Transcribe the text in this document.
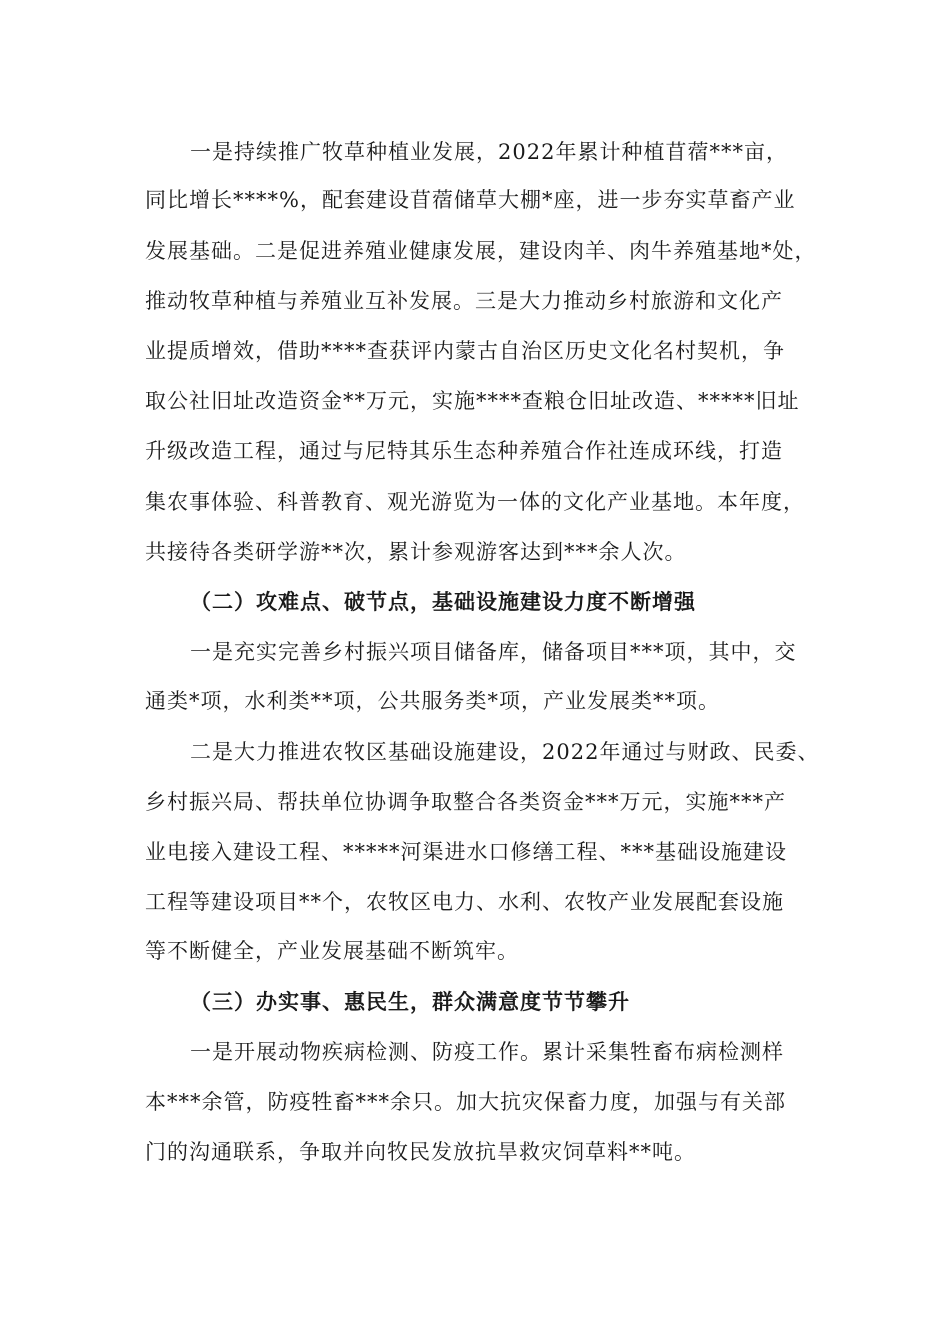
一是持续推广牧草种植业发展，2022年累计种植苜蓿***亩，
同比增长****%，配套建设苜蓿储草大棚*座，进一步夯实草畜产业
发展基础。二是促进养殖业健康发展，建设肉羊、肉牛养殖基地*处，
推动牧草种植与养殖业互补发展。三是大力推动乡村旅游和文化产
业提质增效，借助****查获评内蒙古自治区历史文化名村契机，争
取公社旧址改造资金**万元，实施****查粮仓旧址改造、*****旧址
升级改造工程，通过与尼特其乐生态种养殖合作社连成环线，打造
集农事体验、科普教育、观光游览为一体的文化产业基地。本年度，
共接待各类研学游**次，累计参观游客达到***余人次。
（二）攻难点、破节点，基础设施建设力度不断增强
一是充实完善乡村振兴项目储备库，储备项目***项，其中，交
通类*项，水利类**项，公共服务类*项，产业发展类**项。
二是大力推进农牧区基础设施建设，2022年通过与财政、民委、
乡村振兴局、帮扶单位协调争取整合各类资金***万元，实施***产
业电接入建设工程、*****河渠进水口修缮工程、***基础设施建设
工程等建设项目**个，农牧区电力、水利、农牧产业发展配套设施
等不断健全，产业发展基础不断筑牢。
（三）办实事、惠民生，群众满意度节节攀升
一是开展动物疾病检测、防疫工作。累计采集牲畜布病检测样
本***余管，防疫牲畜***余只。加大抗灾保畜力度，加强与有关部
门的沟通联系，争取并向牧民发放抗旱救灾饲草料**吨。
